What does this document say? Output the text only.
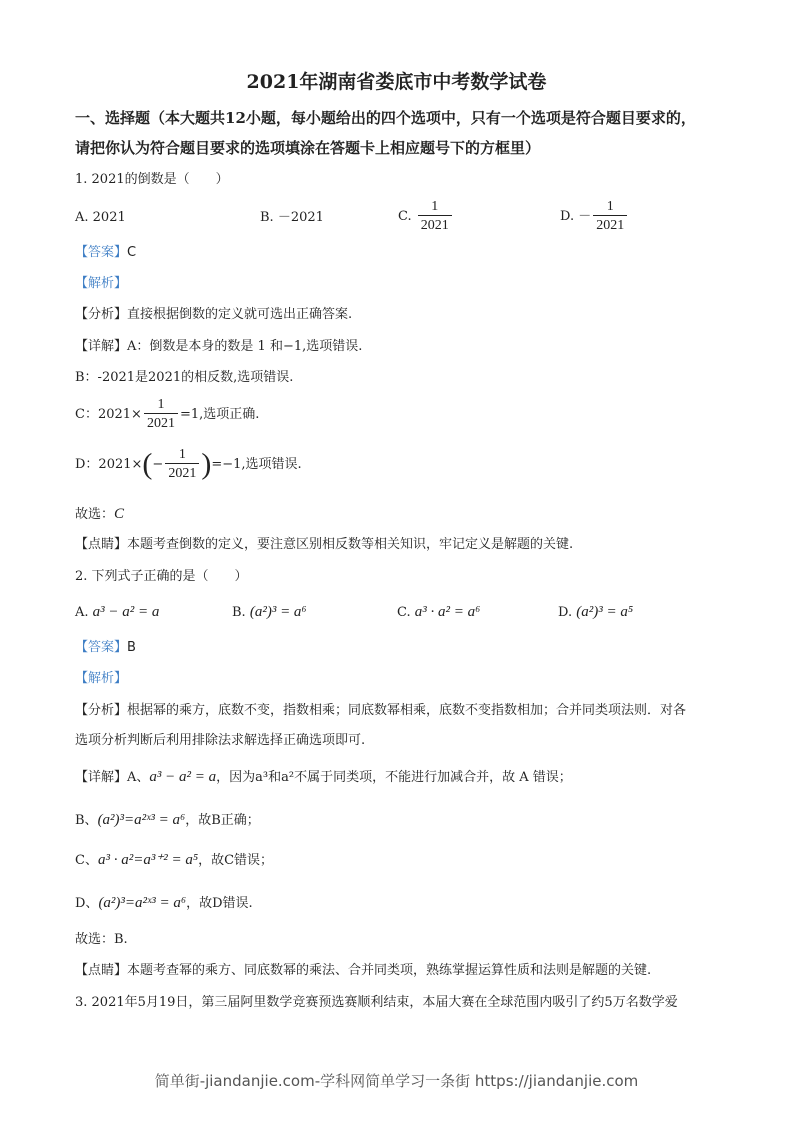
2021年湖南省娄底市中考数学试卷
一、选择题（本大题共12小题，每小题给出的四个选项中，只有一个选项是符合题目要求的，
请把你认为符合题目要求的选项填涂在答题卡上相应题号下的方框里）
1. 2021的倒数是（　　）
A. 2021	B. －2021	C. $\frac{1}{2021}$	D. － $\frac{1}{2021}$
【答案】C
【解析】
【分析】直接根据倒数的定义就可选出正确答案.
【详解】A：倒数是本身的数是 1 和−1,选项错误.
B：-2021是2021的相反数,选项错误.
C：$2021\times \frac{1}{2021} =1$,选项正确.
D：$2021\times(- \frac{1}{2021} )=-1$,选项错误.
故选：C
【点睛】本题考查倒数的定义，要注意区别相反数等相关知识，牢记定义是解题的关键.
2. 下列式子正确的是（　　）
A. a³ − a² = a	B. (a²)³ = a⁶	C. a³ · a² = a⁶	D. (a²)³ = a⁵
【答案】B
【解析】
【分析】根据幂的乘方，底数不变，指数相乘；同底数幂相乘，底数不变指数相加；合并同类项法则．对各
选项分析判断后利用排除法求解选择正确选项即可.
【详解】A、a³ − a² = a，因为a³和a²不属于同类项，不能进行加减合并，故 A 错误；
B、(a²)³=a²ˣ³ = a⁶，故B正确；
C、a³ · a²=a³⁺² = a⁵，故C错误；
D、(a²)³=a²ˣ³ = a⁶，故D错误.
故选：B.
【点睛】本题考查幂的乘方、同底数幂的乘法、合并同类项，熟练掌握运算性质和法则是解题的关键.
3. 2021年5月19日，第三届阿里数学竞赛预选赛顺利结束，本届大赛在全球范围内吸引了约5万名数学爱
简单街-jiandanjie.com-学科网简单学习一条街 https://jiandanjie.com
